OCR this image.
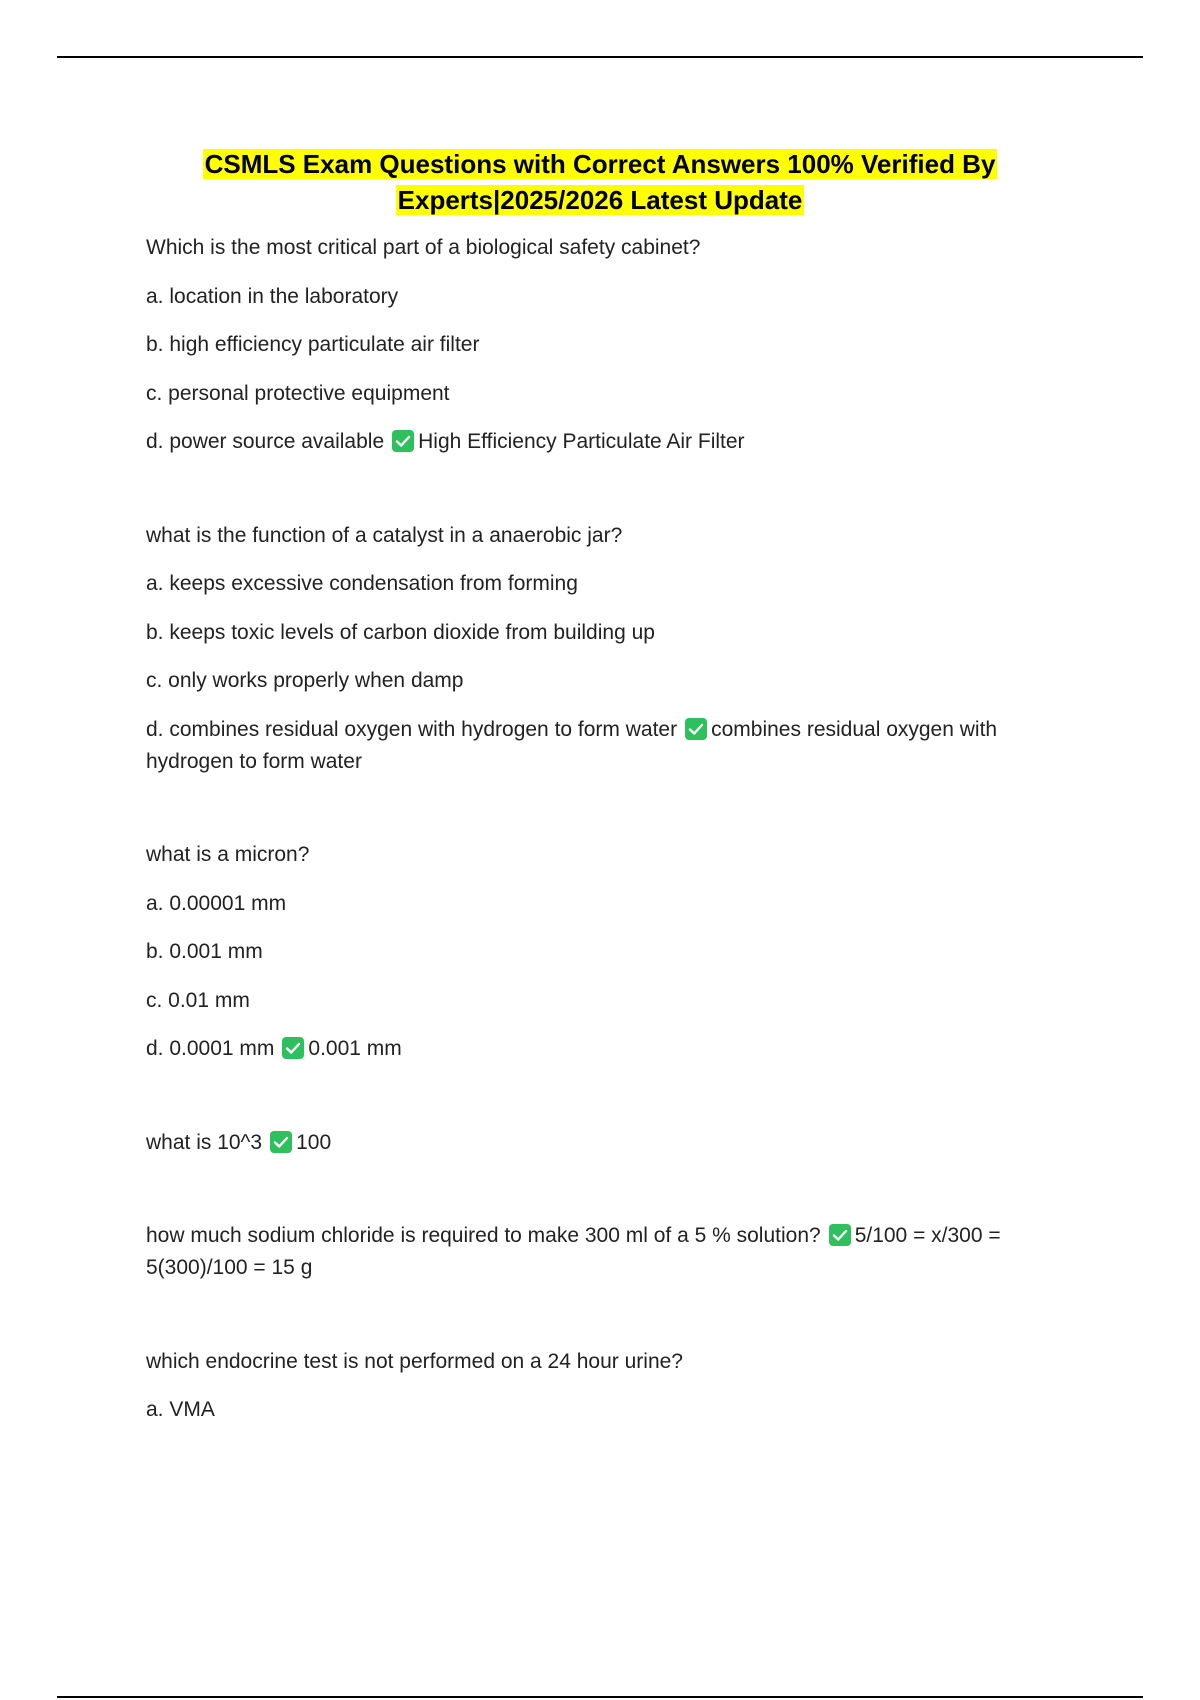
CSMLS Exam Questions with Correct Answers 100% Verified By
Experts|2025/2026 Latest Update
Which is the most critical part of a biological safety cabinet?
a. location in the laboratory
b. high efficiency particulate air filter
c. personal protective equipment
d. power source available High Efficiency Particulate Air Filter
what is the function of a catalyst in a anaerobic jar?
a. keeps excessive condensation from forming
b. keeps toxic levels of carbon dioxide from building up
c. only works properly when damp
d. combines residual oxygen with hydrogen to form water combines residual oxygen with hydrogen to form water
what is a micron?
a. 0.00001 mm
b. 0.001 mm
c. 0.01 mm
d. 0.0001 mm 0.001 mm
what is 10^3 100
how much sodium chloride is required to make 300 ml of a 5 % solution? 5/100 = x/300 = 5(300)/100 = 15 g
which endocrine test is not performed on a 24 hour urine?
a. VMA
